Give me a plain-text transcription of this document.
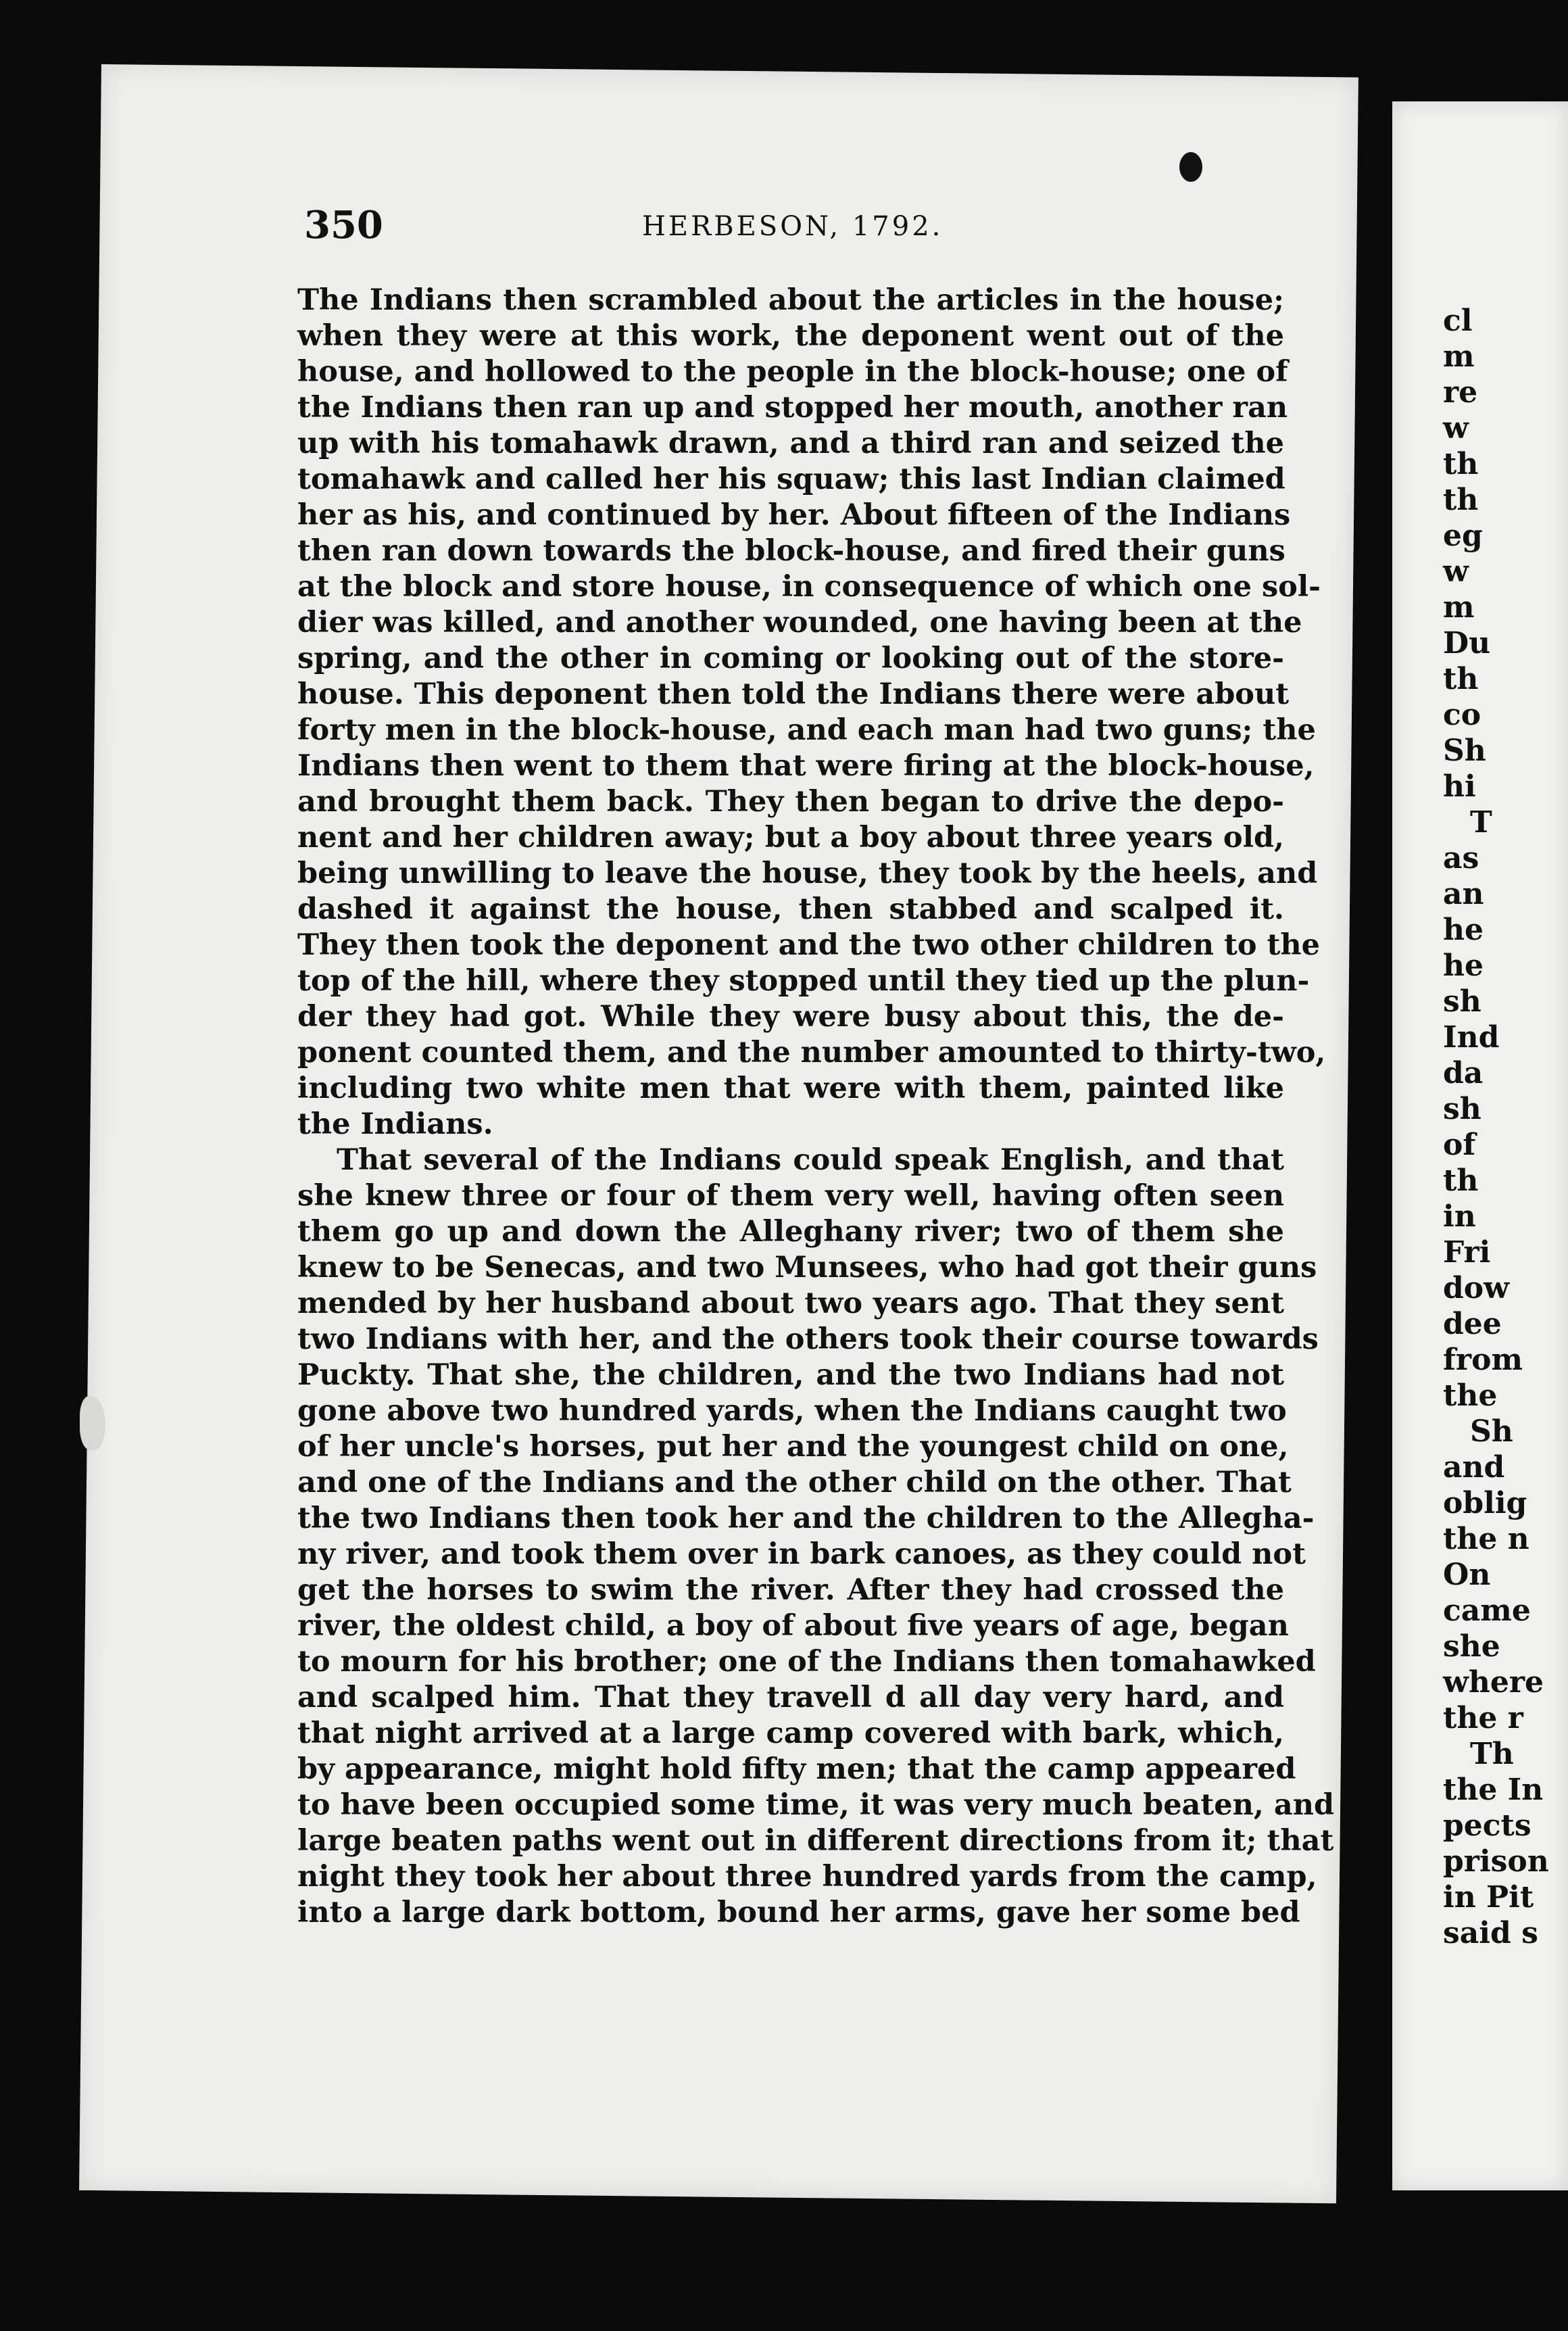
350	HERBESON, 1792.
The Indians then scrambled about the articles in the house;
when they were at this work, the deponent went out of the
house, and hollowed to the people in the block-house; one of
the Indians then ran up and stopped her mouth, another ran
up with his tomahawk drawn, and a third ran and seized the
tomahawk and called her his squaw; this last Indian claimed
her as his, and continued by her. About fifteen of the Indians
then ran down towards the block-house, and fired their guns
at the block and store house, in consequence of which one sol-
dier was killed, and another wounded, one having been at the
spring, and the other in coming or looking out of the store-
house. This deponent then told the Indians there were about
forty men in the block-house, and each man had two guns; the
Indians then went to them that were firing at the block-house,
and brought them back. They then began to drive the depo-
nent and her children away; but a boy about three years old,
being unwilling to leave the house, they took by the heels, and
dashed it against the house, then stabbed and scalped it.
They then took the deponent and the two other children to the
top of the hill, where they stopped until they tied up the plun-
der they had got. While they were busy about this, the de-
ponent counted them, and the number amounted to thirty-two,
including two white men that were with them, painted like
the Indians.
That several of the Indians could speak English, and that
she knew three or four of them very well, having often seen
them go up and down the Alleghany river; two of them she
knew to be Senecas, and two Munsees, who had got their guns
mended by her husband about two years ago. That they sent
two Indians with her, and the others took their course towards
Puckty. That she, the children, and the two Indians had not
gone above two hundred yards, when the Indians caught two
of her uncle's horses, put her and the youngest child on one,
and one of the Indians and the other child on the other. That
the two Indians then took her and the children to the Allegha-
ny river, and took them over in bark canoes, as they could not
get the horses to swim the river. After they had crossed the
river, the oldest child, a boy of about five years of age, began
to mourn for his brother; one of the Indians then tomahawked
and scalped him. That they travell d all day very hard, and
that night arrived at a large camp covered with bark, which,
by appearance, might hold fifty men; that the camp appeared
to have been occupied some time, it was very much beaten, and
large beaten paths went out in different directions from it; that
night they took her about three hundred yards from the camp,
into a large dark bottom, bound her arms, gave her some bed
cl
m
re
w
th
th
eg
w
m
Du
th
co
Sh
hi
T
as
an
he
he
sh
Ind
da
sh
of
th
in
Fri
dow
dee
from
the
Sh
and
oblig
the n
On
came
she
where
the r
Th
the In
pects
prison
in Pit
said s
